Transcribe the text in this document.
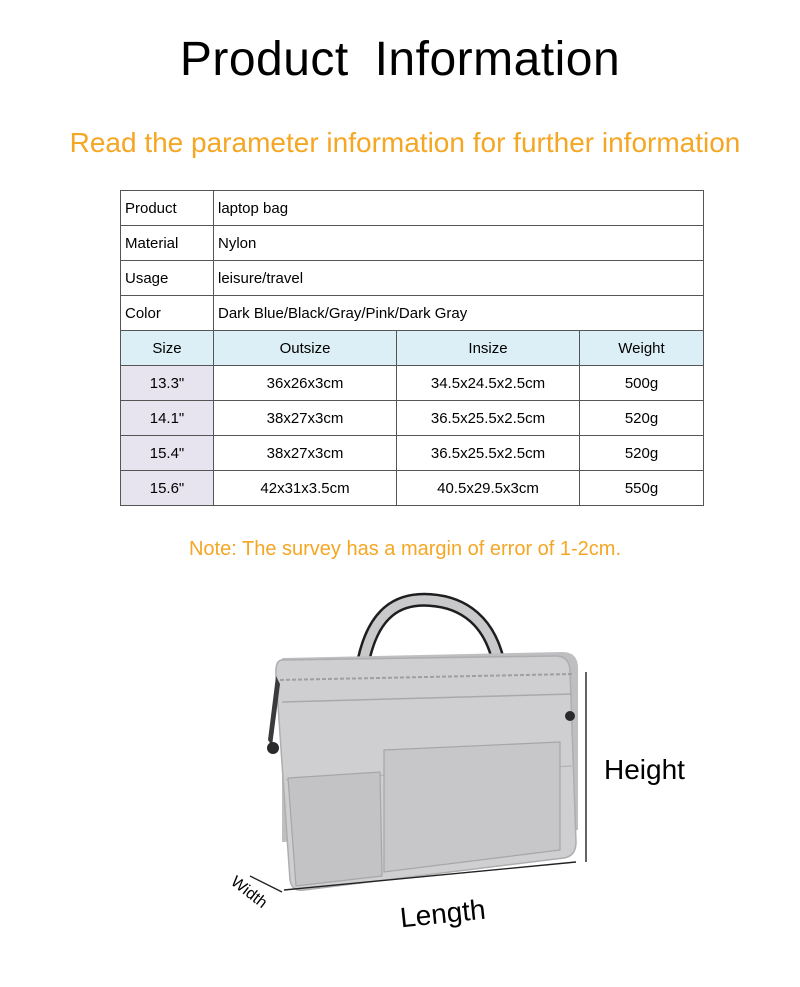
Product Information
Read the parameter information for further information
Product	laptop bag		
Material	Nylon		
Usage	leisure/travel		
Color	Dark Blue/Black/Gray/Pink/Dark Gray		
Size	Outsize	Insize	Weight
13.3"	36x26x3cm	34.5x24.5x2.5cm	500g
14.1"	38x27x3cm	36.5x25.5x2.5cm	520g
15.4"	38x27x3cm	36.5x25.5x2.5cm	520g
15.6"	42x31x3.5cm	40.5x29.5x3cm	550g
Note: The survey has a margin of error of 1-2cm.
Height
Length
Width
